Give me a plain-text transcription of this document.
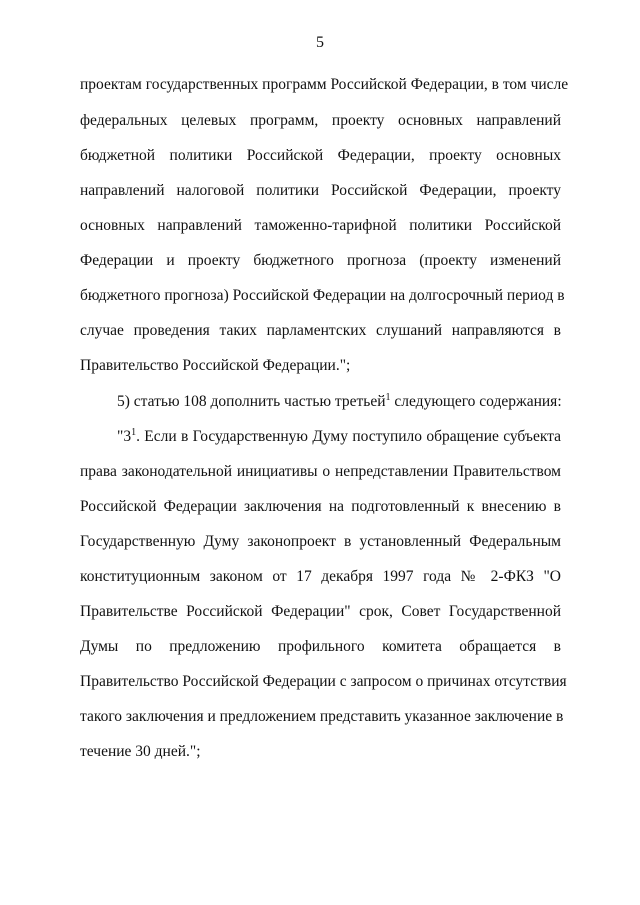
5
проектам государственных программ Российской Федерации, в том числе
федеральных целевых программ, проекту основных направлений
бюджетной политики Российской Федерации, проекту основных
направлений налоговой политики Российской Федерации, проекту
основных направлений таможенно-тарифной политики Российской
Федерации и проекту бюджетного прогноза (проекту изменений
бюджетного прогноза) Российской Федерации на долгосрочный период в
случае проведения таких парламентских слушаний направляются в
Правительство Российской Федерации.";
5) статью 108 дополнить частью третьей$^1$ следующего содержания:
"$3^1$. Если в Государственную Думу поступило обращение субъекта
права законодательной инициативы о непредставлении Правительством
Российской Федерации заключения на подготовленный к внесению в
Государственную Думу законопроект в установленный Федеральным
конституционным законом от 17 декабря 1997 года № 2-ФКЗ "О
Правительстве Российской Федерации" срок, Совет Государственной
Думы по предложению профильного комитета обращается в
Правительство Российской Федерации с запросом о причинах отсутствия
такого заключения и предложением представить указанное заключение в
течение 30 дней.";
